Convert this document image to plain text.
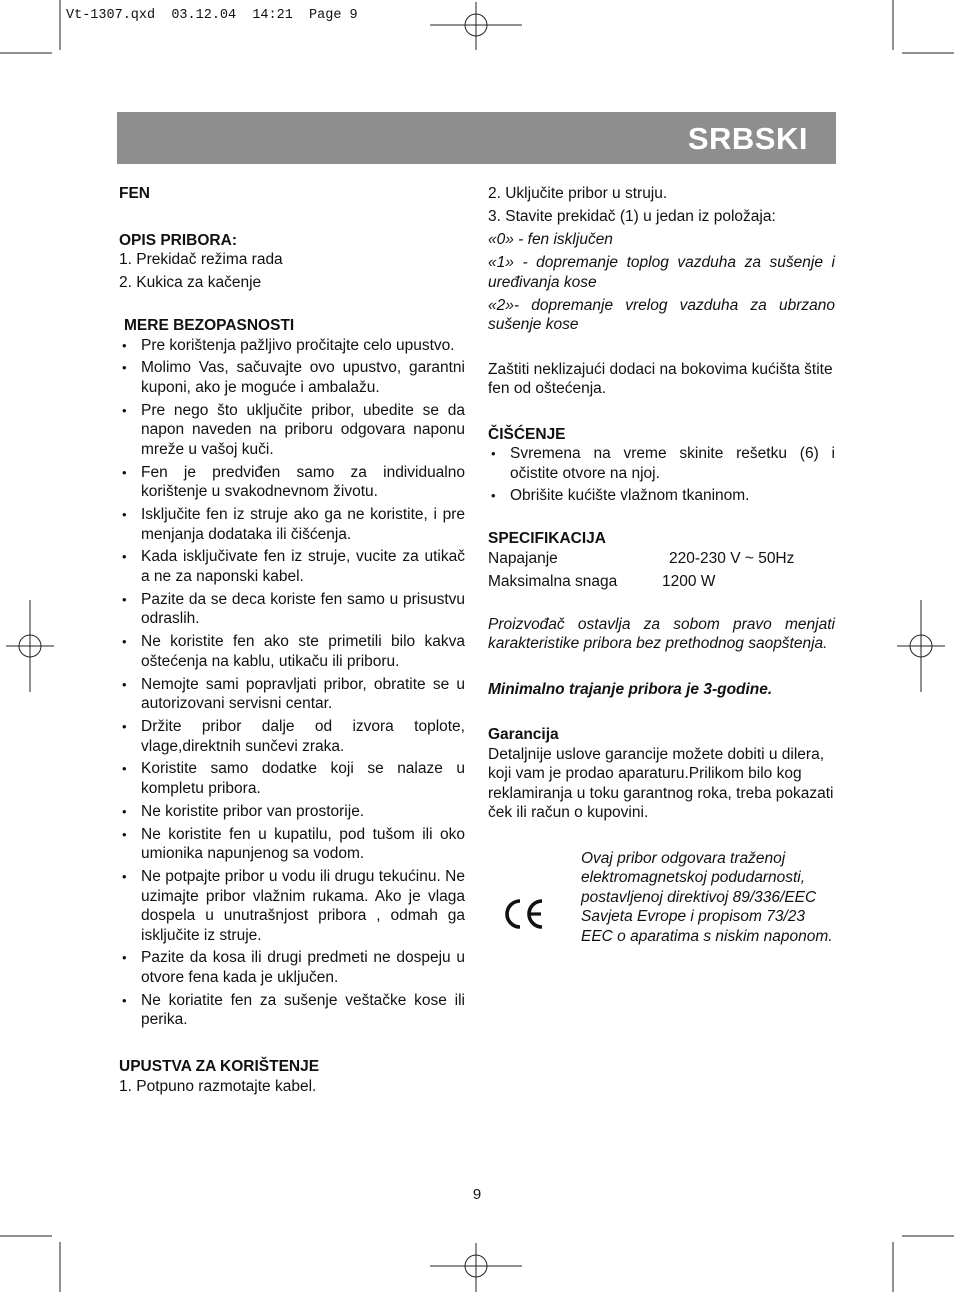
Vt-1307.qxd  03.12.04  14:21  Page 9
SRBSKI

FEN

OPIS PRIBORA:

1. Prekidač režima rada
2. Kukica za kačenje

MERE BEZOPASNOSTI

• Pre korištenja pažljivo pročitajte celo upustvo.
• Molimo Vas, sačuvajte ovo upustvo, garantni kuponi, ako je moguće i ambalažu.
• Pre nego što uključite pribor, ubedite se da napon naveden na priboru odgovara naponu mreže u vašoj kuči.
• Fen je predviđen samo za individualno korištenje u svakodnevnom životu.
• Isključite fen iz struje ako ga ne koristite, i pre menjanja dodataka ili čišćenja.
• Kada isključivate fen iz struje, vucite za utikač a ne za naponski kabel.
• Pazite da se deca koriste fen samo u prisustvu odraslih.
• Ne koristite fen ako ste primetili bilo kakva oštećenja na kablu, utikaču ili priboru.
• Nemojte sami popravljati pribor, obratite se u autorizovani servisni centar.
• Držite pribor dalje od izvora toplote, vlage,direktnih sunčevi zraka.
• Koristite samo dodatke koji se nalaze u kompletu pribora.
• Ne koristite pribor van prostorije.
• Ne koristite fen u kupatilu, pod tušom ili oko umionika napunjenog sa vodom.
• Ne potpajte pribor u vodu ili drugu tekućinu. Ne uzimajte pribor vlažnim rukama. Ako je vlaga dospela u unutrašnjost pribora , odmah ga isključite iz struje.
• Pazite da kosa ili drugi predmeti ne dospeju u otvore fena kada je uključen.
• Ne koriatite fen za sušenje veštačke kose ili perika.

UPUSTVA ZA KORIŠTENJE

1. Potpuno razmotajte kabel.

2. Uključite pribor u struju.

3. Stavite prekidač (1) u jedan iz položaja:

«0» - fen isključen

«1» - dopremanje toplog vazduha za sušenje i uređivanja kose

«2»- dopremanje vrelog vazduha za ubrzano sušenje kose

Zaštiti neklizajući dodaci na bokovima kućišta štite fen od oštećenja.

ČIŠĆENJE

• Svremena na vreme skinite rešetku (6) i očistite otvore na njoj.
• Obrišite kućište vlažnom tkaninom.

SPECIFIKACIJA

Napajanje	220-230 V ~ 50Hz
Maksimalna snaga	1200 W

Proizvođač ostavlja za sobom pravo menjati karakteristike pribora bez prethodnog saopštenja.

Minimalno trajanje pribora je 3-godine.

Garancija

Detaljnije uslove garancije možete dobiti u dilera, koji vam je prodao aparaturu.Prilikom bilo kog reklamiranja u toku garantnog roka, treba pokazati ček ili račun o kupovini.

Ovaj pribor odgovara traženoj elektromagnetskoj podudarnosti, postavljenoj direktivoj 89/336/EEC Savjeta Evrope i propisom 73/23 EEC o aparatima s niskim naponom.

9
